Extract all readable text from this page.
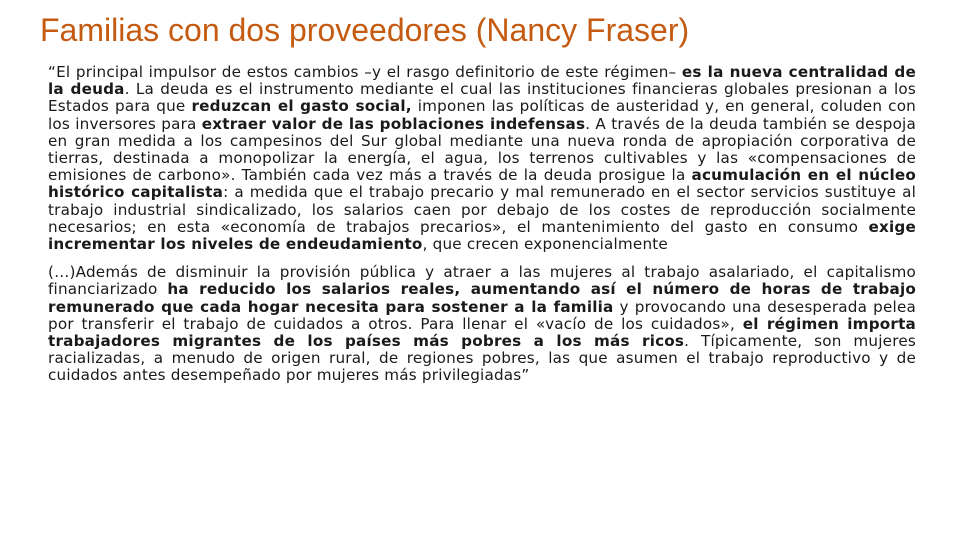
Familias con dos proveedores (Nancy Fraser)

“El principal impulsor de estos cambios –y el rasgo definitorio de este régimen– es la nueva centralidad de la deuda. La deuda es el instrumento mediante el cual las instituciones financieras globales presionan a los Estados para que reduzcan el gasto social, imponen las políticas de austeridad y, en general, coluden con los inversores para extraer valor de las poblaciones indefensas. A través de la deuda también se despoja en gran medida a los campesinos del Sur global mediante una nueva ronda de apropiación corporativa de tierras, destinada a monopolizar la energía, el agua, los terrenos cultivables y las «compensaciones de emisiones de carbono». También cada vez más a través de la deuda prosigue la acumulación en el núcleo histórico capitalista: a medida que el trabajo precario y mal remunerado en el sector servicios sustituye al trabajo industrial sindicalizado, los salarios caen por debajo de los costes de reproducción socialmente necesarios; en esta «economía de trabajos precarios», el mantenimiento del gasto en consumo exige incrementar los niveles de endeudamiento, que crecen exponencialmente

(…)Además de disminuir la provisión pública y atraer a las mujeres al trabajo asalariado, el capitalismo financiarizado ha reducido los salarios reales, aumentando así el número de horas de trabajo remunerado que cada hogar necesita para sostener a la familia y provocando una desesperada pelea por transferir el trabajo de cuidados a otros. Para llenar el «vacío de los cuidados», el régimen importa trabajadores migrantes de los países más pobres a los más ricos. Típicamente, son mujeres racializadas, a menudo de origen rural, de regiones pobres, las que asumen el trabajo reproductivo y de cuidados antes desempeñado por mujeres más privilegiadas”
